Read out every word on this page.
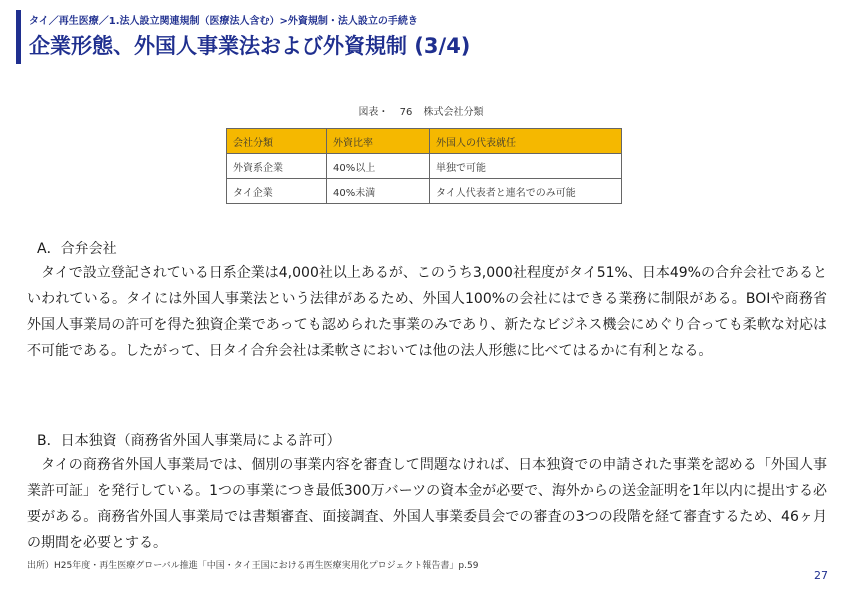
タイ／再生医療／1.法人設立関連規制（医療法人含む）>外資規制・法人設立の手続き
企業形態、外国人事業法および外資規制 (3/4)
図表・ 76 株式会社分類
会社分類	外資比率	外国人の代表就任
外資系企業	40%以上	単独で可能
タイ企業	40%未満	タイ人代表者と連名でのみ可能
A．合弁会社
タイで設立登記されている日系企業は4,000社以上あるが、このうち3,000社程度がタイ51%、日本49%の合弁会社であるといわれている。タイには外国人事業法という法律があるため、外国人100%の会社にはできる業務に制限がある。BOIや商務省外国人事業局の許可を得た独資企業であっても認められた事業のみであり、新たなビジネス機会にめぐり合っても柔軟な対応は不可能である。したがって、日タイ合弁会社は柔軟さにおいては他の法人形態に比べてはるかに有利となる。
B．日本独資（商務省外国人事業局による許可）
タイの商務省外国人事業局では、個別の事業内容を審査して問題なければ、日本独資での申請された事業を認める「外国人事業許可証」を発行している。1つの事業につき最低300万バーツの資本金が必要で、海外からの送金証明を1年以内に提出する必要がある。商務省外国人事業局では書類審査、面接調査、外国人事業委員会での審査の3つの段階を経て審査するため、46ヶ月の期間を必要とする。
出所）H25年度・再生医療グローバル推進「中国・タイ王国における再生医療実用化プロジェクト報告書」p.59
27
